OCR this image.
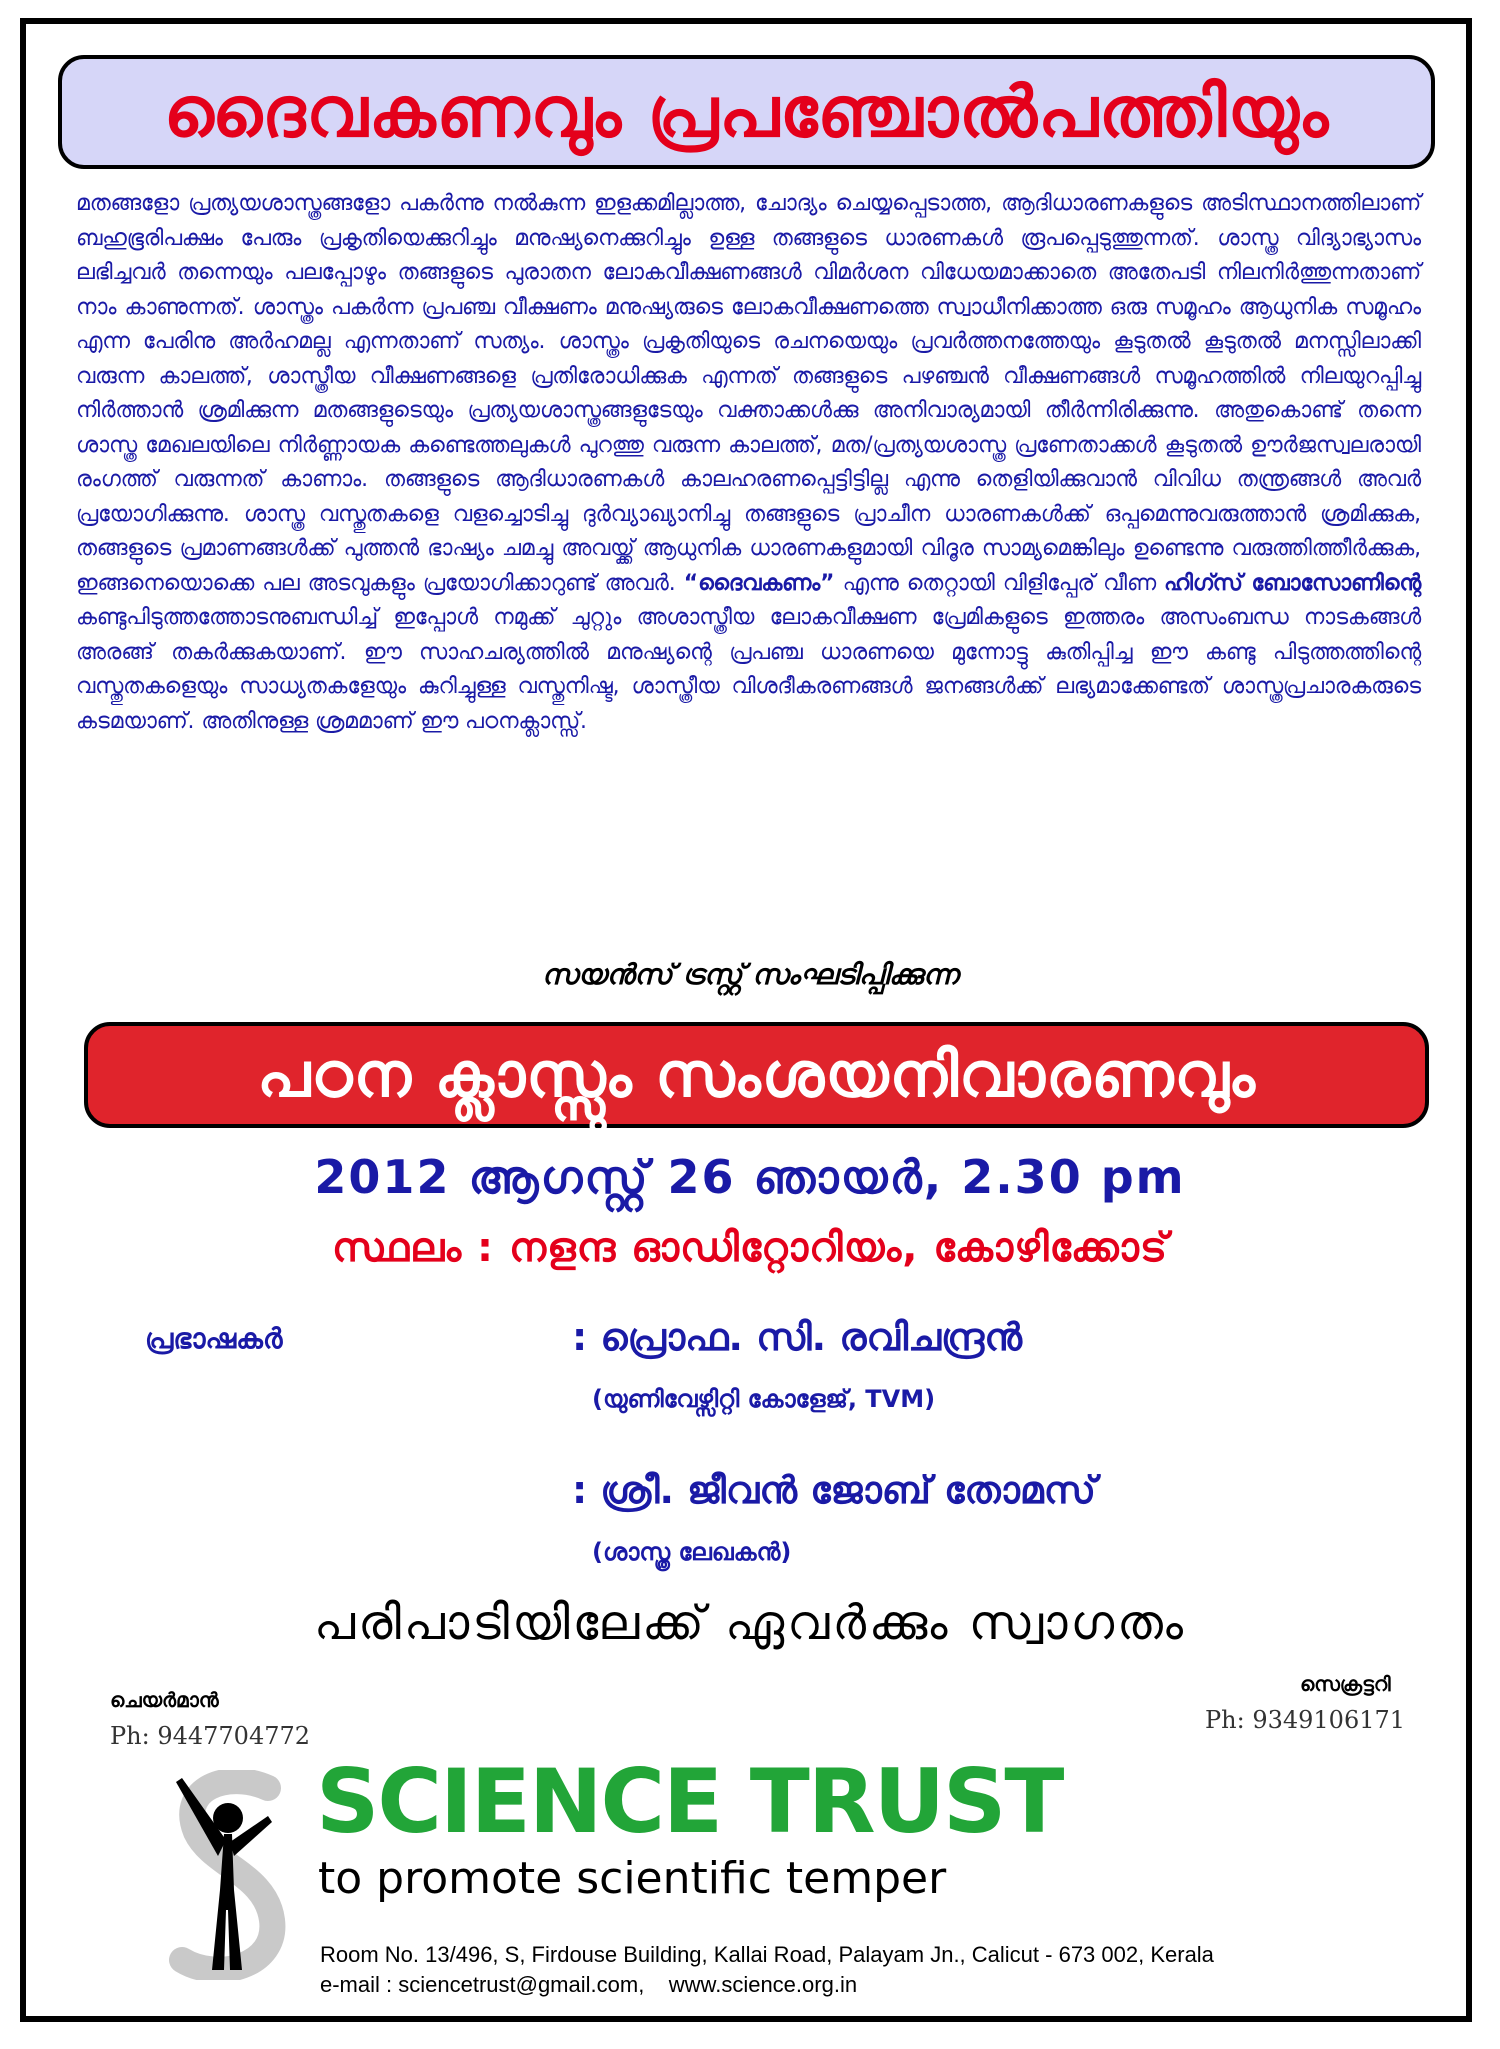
ദൈവകണവും പ്രപഞ്ചോൽപത്തിയും

മതങ്ങളോ പ്രത്യയശാസ്ത്രങ്ങളോ പകർന്നു നൽകുന്ന ഇളക്കമില്ലാത്ത, ചോദ്യം ചെയ്യപ്പെടാത്ത, ആദിധാരണകളുടെ അടിസ്ഥാനത്തിലാണ് ബഹുഭൂരിപക്ഷം പേരും പ്രകൃതിയെക്കുറിച്ചും മനുഷ്യനെക്കുറിച്ചും ഉള്ള തങ്ങളുടെ ധാരണകൾ രൂപപ്പെടുത്തുന്നത്. ശാസ്ത്ര വിദ്യാഭ്യാസം ലഭിച്ചവർ തന്നെയും പലപ്പോഴും തങ്ങളുടെ പുരാതന ലോകവീക്ഷണങ്ങൾ വിമർശന വിധേയമാക്കാതെ അതേപടി നിലനിർത്തുന്നതാണ് നാം കാണുന്നത്. ശാസ്ത്രം പകർന്ന പ്രപഞ്ച വീക്ഷണം മനുഷ്യരുടെ ലോകവീക്ഷണത്തെ സ്വാധീനിക്കാത്ത ഒരു സമൂഹം ആധുനിക സമൂഹം എന്ന പേരിനു അർഹമല്ല എന്നതാണ് സത്യം. ശാസ്ത്രം പ്രകൃതിയുടെ രചനയെയും പ്രവർത്തനത്തേയും കൂടുതൽ കൂടുതൽ മനസ്സിലാക്കി വരുന്ന കാലത്ത്, ശാസ്ത്രീയ വീക്ഷണങ്ങളെ പ്രതിരോധിക്കുക എന്നത് തങ്ങളുടെ പഴഞ്ചൻ വീക്ഷണങ്ങൾ സമൂഹത്തിൽ നിലയുറപ്പിച്ചു നിർത്താൻ ശ്രമിക്കുന്ന മതങ്ങളുടെയും പ്രത്യയശാസ്ത്രങ്ങളുടേയും വക്താക്കൾക്കു അനിവാര്യമായി തീർന്നിരിക്കുന്നു. അതുകൊണ്ട് തന്നെ ശാസ്ത്ര മേഖലയിലെ നിർണ്ണായക കണ്ടെത്തലുകൾ പുറത്തു വരുന്ന കാലത്ത്, മത/പ്രത്യയശാസ്ത്ര പ്രണേതാക്കൾ കൂടുതൽ ഊർജസ്വലരായി രംഗത്ത് വരുന്നത് കാണാം. തങ്ങളുടെ ആദിധാരണകൾ കാലഹരണപ്പെട്ടിട്ടില്ല എന്നു തെളിയിക്കുവാൻ വിവിധ തന്ത്രങ്ങൾ അവർ പ്രയോഗിക്കുന്നു. ശാസ്ത്ര വസ്തുതകളെ വളച്ചൊടിച്ചു ദുർവ്യാഖ്യാനിച്ചു തങ്ങളുടെ പ്രാചീന ധാരണകൾക്ക് ഒപ്പമെന്നുവരുത്താൻ ശ്രമിക്കുക, തങ്ങളുടെ പ്രമാണങ്ങൾക്ക് പുത്തൻ ഭാഷ്യം ചമച്ചു അവയ്ക്ക് ആധുനിക ധാരണകളുമായി വിദൂര സാമ്യമെങ്കിലും ഉണ്ടെന്നു വരുത്തിത്തീർക്കുക, ഇങ്ങനെയൊക്കെ പല അടവുകളും പ്രയോഗിക്കാറുണ്ട് അവർ. “ദൈവകണം” എന്നു തെറ്റായി വിളിപ്പേര് വീണ ഹിഗ്സ് ബോസോണിന്റെ കണ്ടുപിടുത്തത്തോടനുബന്ധിച്ച് ഇപ്പോൾ നമുക്ക് ചുറ്റും അശാസ്ത്രീയ ലോകവീക്ഷണ പ്രേമികളുടെ ഇത്തരം അസംബന്ധ നാടകങ്ങൾ അരങ്ങ് തകർക്കുകയാണ്. ഈ സാഹചര്യത്തിൽ മനുഷ്യന്റെ പ്രപഞ്ച ധാരണയെ മുന്നോട്ടു കുതിപ്പിച്ച ഈ കണ്ടു പിടുത്തത്തിന്റെ വസ്തുതകളെയും സാധ്യതകളേയും കുറിച്ചുള്ള വസ്തുനിഷ്ട, ശാസ്ത്രീയ വിശദീകരണങ്ങൾ ജനങ്ങൾക്ക് ലഭ്യമാക്കേണ്ടത് ശാസ്ത്രപ്രചാരകരുടെ കടമയാണ്. അതിനുള്ള ശ്രമമാണ് ഈ പഠനക്ലാസ്സ്.

സയൻസ് ട്രസ്റ്റ് സംഘടിപ്പിക്കുന്ന
പഠന ക്ലാസ്സും സംശയനിവാരണവും
2012 ആഗസ്റ്റ് 26 ഞായർ, 2.30 pm
സ്ഥലം : നളന്ദ ഓഡിറ്റോറിയം, കോഴിക്കോട്
പ്രഭാഷകർ	: പ്രൊഫ. സി. രവിചന്ദ്രൻ
(യുണിവേഴ്സിറ്റി കോളേജ്, TVM)
: ശ്രീ. ജീവൻ ജോബ് തോമസ്
(ശാസ്ത്ര ലേഖകൻ)
പരിപാടിയിലേക്ക് ഏവർക്കും സ്വാഗതം
ചെയർമാൻ
Ph: 9447704772
സെക്രട്ടറി
Ph: 9349106171
SCIENCE TRUST
to promote scientific temper
Room No. 13/496, S, Firdouse Building, Kallai Road, Palayam Jn., Calicut - 673 002, Kerala
e-mail : sciencetrust@gmail.com, www.science.org.in
